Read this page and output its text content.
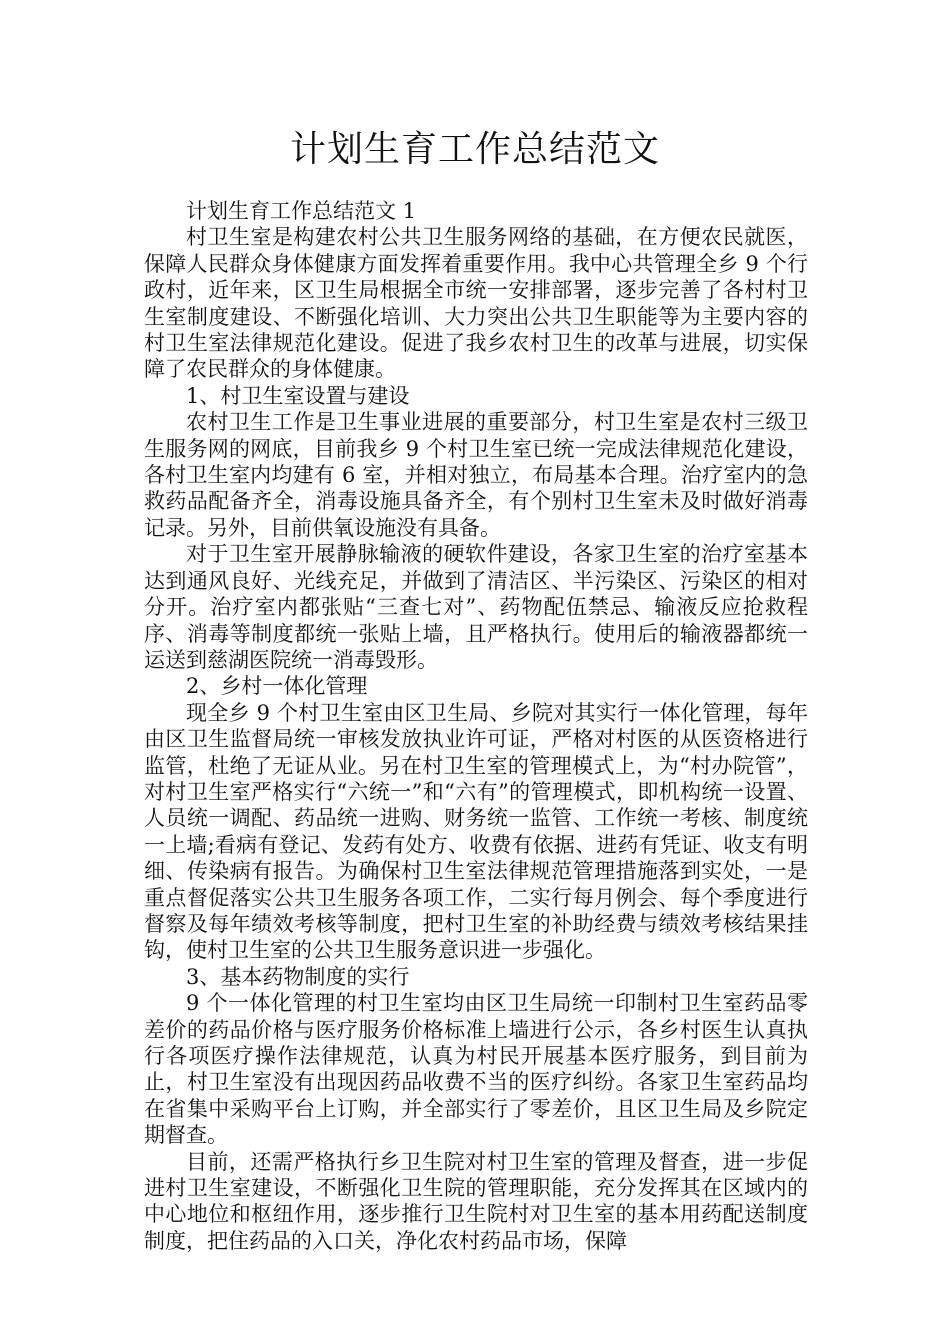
计划生育工作总结范文

计划生育工作总结范文 1

村卫生室是构建农村公共卫生服务网络的基础，在方便农民就医，保障人民群众身体健康方面发挥着重要作用。我中心共管理全乡 9 个行政村，近年来，区卫生局根据全市统一安排部署，逐步完善了各村村卫生室制度建设、不断强化培训、大力突出公共卫生职能等为主要内容的村卫生室法律规范化建设。促进了我乡农村卫生的改革与进展，切实保障了农民群众的身体健康。

1、村卫生室设置与建设

农村卫生工作是卫生事业进展的重要部分，村卫生室是农村三级卫生服务网的网底，目前我乡 9 个村卫生室已统一完成法律规范化建设，各村卫生室内均建有 6 室，并相对独立，布局基本合理。治疗室内的急救药品配备齐全，消毒设施具备齐全，有个别村卫生室未及时做好消毒记录。另外，目前供氧设施没有具备。

对于卫生室开展静脉输液的硬软件建设，各家卫生室的治疗室基本达到通风良好、光线充足，并做到了清洁区、半污染区、污染区的相对分开。治疗室内都张贴“三查七对”、药物配伍禁忌、输液反应抢救程序、消毒等制度都统一张贴上墙，且严格执行。使用后的输液器都统一运送到慈湖医院统一消毒毁形。

2、乡村一体化管理

现全乡 9 个村卫生室由区卫生局、乡院对其实行一体化管理，每年由区卫生监督局统一审核发放执业许可证，严格对村医的从医资格进行监管，杜绝了无证从业。另在村卫生室的管理模式上，为“村办院管”，对村卫生室严格实行“六统一”和“六有”的管理模式，即机构统一设置、人员统一调配、药品统一进购、财务统一监管、工作统一考核、制度统一上墙;看病有登记、发药有处方、收费有依据、进药有凭证、收支有明细、传染病有报告。为确保村卫生室法律规范管理措施落到实处，一是重点督促落实公共卫生服务各项工作，二实行每月例会、每个季度进行督察及每年绩效考核等制度，把村卫生室的补助经费与绩效考核结果挂钩，使村卫生室的公共卫生服务意识进一步强化。

3、基本药物制度的实行

9 个一体化管理的村卫生室均由区卫生局统一印制村卫生室药品零差价的药品价格与医疗服务价格标准上墙进行公示，各乡村医生认真执行各项医疗操作法律规范，认真为村民开展基本医疗服务，到目前为止，村卫生室没有出现因药品收费不当的医疗纠纷。各家卫生室药品均在省集中采购平台上订购，并全部实行了零差价，且区卫生局及乡院定期督查。

目前，还需严格执行乡卫生院对村卫生室的管理及督查，进一步促进村卫生室建设，不断强化卫生院的管理职能，充分发挥其在区域内的中心地位和枢纽作用，逐步推行卫生院村对卫生室的基本用药配送制度制度，把住药品的入口关，净化农村药品市场，保障
